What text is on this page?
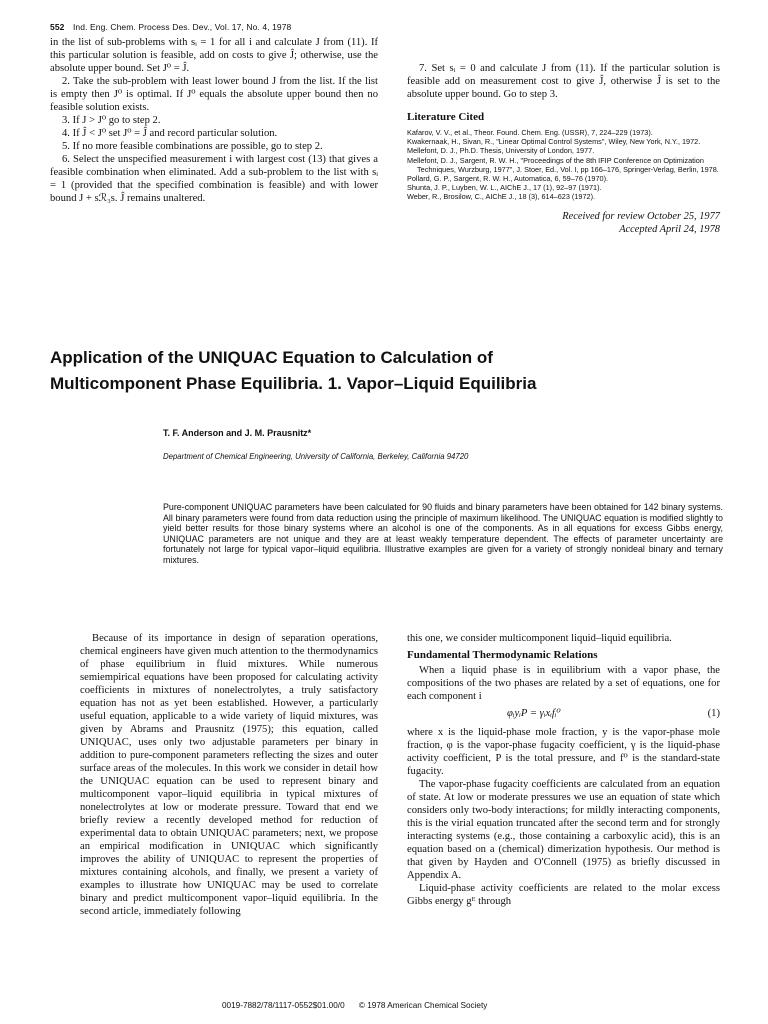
552 Ind. Eng. Chem. Process Des. Dev., Vol. 17, No. 4, 1978

in the list of sub-problems with sᵢ = 1 for all i and calculate J from (11). If this particular solution is feasible, add on costs to give Ĵ; otherwise, use the absolute upper bound. Set J⁰ = Ĵ.

2. Take the sub-problem with least lower bound J from the list. If the list is empty then J⁰ is optimal. If J⁰ equals the absolute upper bound then no feasible solution exists.

3. If J > J⁰ go to step 2.

4. If Ĵ < J⁰ set J⁰ = Ĵ and record particular solution.

5. If no more feasible combinations are possible, go to step 2.

6. Select the unspecified measurement i with largest cost (13) that gives a feasible combination when eliminated. Add a sub-problem to the list with sᵢ = 1 (provided that the specified combination is feasible) and with lower bound J + sℛ₃s. Ĵ remains unaltered.

7. Set sᵢ = 0 and calculate J from (11). If the particular solution is feasible add on measurement cost to give Ĵ, otherwise Ĵ is set to the absolute upper bound. Go to step 3.

Literature Cited
Kafarov, V. V., et al., Theor. Found. Chem. Eng. (USSR), 7, 224–229 (1973).
Kwakernaak, H., Sivan, R., "Linear Optimal Control Systems", Wiley, New York, N.Y., 1972.
Mellefont, D. J., Ph.D. Thesis, University of London, 1977.
Mellefont, D. J., Sargent, R. W. H., "Proceedings of the 8th IFIP Conference on Optimization Techniques, Wurzburg, 1977", J. Stoer, Ed., Vol. I, pp 166–176, Springer-Verlag, Berlin, 1978.
Pollard, G. P., Sargent, R. W. H., Automatica, 6, 59–76 (1970).
Shunta, J. P., Luyben, W. L., AIChE J., 17 (1), 92–97 (1971).
Weber, R., Brosilow, C., AIChE J., 18 (3), 614–623 (1972).
Received for review October 25, 1977
Accepted April 24, 1978
Application of the UNIQUAC Equation to Calculation of
Multicomponent Phase Equilibria. 1. Vapor–Liquid Equilibria
T. F. Anderson and J. M. Prausnitz*
Department of Chemical Engineering, University of California, Berkeley, California 94720
Pure-component UNIQUAC parameters have been calculated for 90 fluids and binary parameters have been obtained for 142 binary systems. All binary parameters were found from data reduction using the principle of maximum likelihood. The UNIQUAC equation is modified slightly to yield better results for those binary systems where an alcohol is one of the components. As in all equations for excess Gibbs energy, UNIQUAC parameters are not unique and they are at least weakly temperature dependent. The effects of parameter uncertainty are fortunately not large for typical vapor–liquid equilibria. Illustrative examples are given for a variety of strongly nonideal binary and ternary mixtures.

Because of its importance in design of separation operations, chemical engineers have given much attention to the thermodynamics of phase equilibrium in fluid mixtures. While numerous semiempirical equations have been proposed for calculating activity coefficients in mixtures of nonelectrolytes, a truly satisfactory equation has not as yet been established. However, a particularly useful equation, applicable to a wide variety of liquid mixtures, was given by Abrams and Prausnitz (1975); this equation, called UNIQUAC, uses only two adjustable parameters per binary in addition to pure-component parameters reflecting the sizes and outer surface areas of the molecules. In this work we consider in detail how the UNIQUAC equation can be used to represent binary and multicomponent vapor–liquid equilibria in typical mixtures of nonelectrolytes at low or moderate pressure. Toward that end we briefly review a recently developed method for reduction of experimental data to obtain UNIQUAC parameters; next, we propose an empirical modification in UNIQUAC which significantly improves the ability of UNIQUAC to represent the properties of mixtures containing alcohols, and finally, we present a variety of examples to illustrate how UNIQUAC may be used to correlate binary and predict multicomponent vapor–liquid equilibria. In the second article, immediately following

this one, we consider multicomponent liquid–liquid equilibria.

Fundamental Thermodynamic Relations

When a liquid phase is in equilibrium with a vapor phase, the compositions of the two phases are related by a set of equations, one for each component i

φᵢyᵢP = γᵢxᵢfᵢ⁰	(1)

where x is the liquid-phase mole fraction, y is the vapor-phase mole fraction, φ is the vapor-phase fugacity coefficient, γ is the liquid-phase activity coefficient, P is the total pressure, and f⁰ is the standard-state fugacity.

The vapor-phase fugacity coefficients are calculated from an equation of state. At low or moderate pressures we use an equation of state which considers only two-body interactions; for mildly interacting components, this is the virial equation truncated after the second term and for strongly interacting systems (e.g., those containing a carboxylic acid), this is an equation based on a (chemical) dimerization hypothesis. Our method is that given by Hayden and O'Connell (1975) as briefly discussed in Appendix A.

Liquid-phase activity coefficients are related to the molar excess Gibbs energy gᴱ through

0019-7882/78/1117-0552$01.00/0 © 1978 American Chemical Society
